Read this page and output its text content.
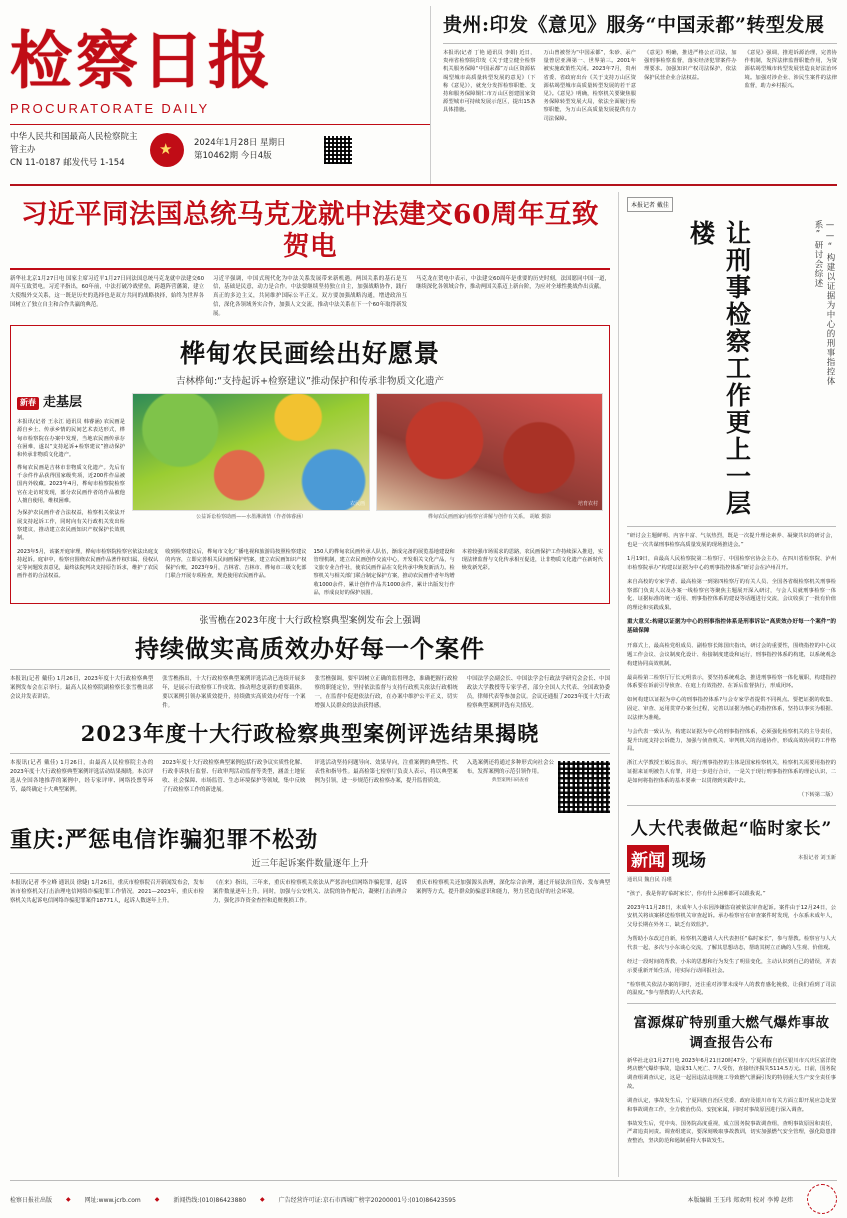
检察日报
PROCURATORATE DAILY
中华人民共和国最高人民检察院主管主办
CN 11-0187 邮发代号 1-154
★
2024年1月28日 星期日
第10462期 今日4版
贵州:印发《意见》服务“中国汞都”转型发展
本报讯(记者 丁艳 通讯员 李娟) 近日，贵州省检察院印发《关于建立健全检察机关服务保障“中国汞都”万山区资源枯竭型城市高质量转型发展的意见》（下称《意见》），就充分发挥检察职能、支持和服务保障铜仁市万山区创建国家资源型城市可持续发展示范区，提出15条具体措施。
万山曾被誉为“中国汞都”，朱砂、汞产量曾居亚洲第一、世界第三。2001年被实施政策性关闭。2023年7月，贵州省委、省政府出台《关于支持万山区资源枯竭型城市高质量转型发展的若干意见》。《意见》明确，检察机关要聚焦服务保障转型发展大局，依法全面履行检察职能，为万山区高质量发展提供有力司法保障。
《意见》明确，推进严格公正司法，加强刑事检察监督，落实经济犯罪案件办理要求。加强知识产权司法保护，依法保护民营企业合法权益。
《意见》强调，推进诉源治理，完善协作机制，发挥法律监督职能作用，为资源枯竭型城市转型发展营造良好法治环境。加强对涉企业、涉民生案件的法律监督，助力乡村振兴。
习近平同法国总统马克龙就中法建交60周年互致贺电
新华社北京1月27日电 国家主席习近平1月27日同法国总统马克龙就中法建交60周年互致贺电。习近平指出，60年前，中法打破冷战壁垒，跨越阵营藩篱，建立大使级外交关系，这一既是历史的选择也是双方共同的战略抉择，始终为世界各国树立了独立自主和合作共赢的典范。
习近平强调，中国式现代化为中法关系发展带来新机遇。两国关系的基石是互信，基础是民意，动力是合作。中法要继续坚持独立自主，加强战略协作，践行真正的多边主义，共同维护国际公平正义。双方要加强战略沟通，增进政治互信，深化各领域务实合作，加强人文交流，推动中法关系在下一个60年取得新发展。
马克龙在贺电中表示，中法建交60周年是重要的历史时刻，法国愿同中国一道，继续深化各领域合作，推动两国关系迈上新台阶，为应对全球性挑战作出贡献。
桦甸农民画绘出好愿景
吉林桦甸:“支持起诉+检察建议”推动保护和传承非物质文化遗产
新春 走基层

本报讯(记者 王永江 通讯员 韩睿涵) 农民画是源自乡土、传承乡情的民间艺术表达形式，桦甸市检察院在办案中发现，当地农民画传承存在困难，遂以“支持起诉+检察建议”推动保护和传承非物质文化遗产。

桦甸农民画是吉林市非物质文化遗产。先后有千余件作品获得国家级奖项，近200件作品被国内外收藏。2023年4月，桦甸市检察院检察官在走访时发现，部分农民画作者的作品被他人擅自使用，维权困难。

为保护农民画作者合法权益，检察机关依法开展支持起诉工作，同时向有关行政机关发出检察建议，推动建立农民画知识产权保护长效机制。

农民画	培育农村
公益诉讼检察助画——水墨淋漓情（作者韩睿涵）	桦甸农民画画家向检察官讲解与创作有关系。 胡敏 摄影
2023年5月，该案开庭审理，桦甸市检察院检察官依法出庭支持起诉。庭审中，检察官围绕农民画作品著作权归属、侵权认定等问题发表意见，最终法院判决支持原告诉求，维护了农民画作者的合法权益。
收到检察建议后，桦甸市文化广播电视和旅游局按照检察建议的内容，立即完善相关民间画保护档案，建立农民画知识产权保护台账，2023年9月，吉林省、吉林市、桦甸市三级文化部门联合开展专项检查，规范使用农民画作品。
150人的桦甸农民画传承人队伍，渐成完备的展览基地建设和管理机制，建立农民画创作交流中心，开发相关文化产品，与文旅专业合作社，使农民画作品在文化传承中焕发新活力。检察机关与相关部门联合制定保护方案，推动农民画作者年均增收1000余件，累计创作作品共1000余件，累计出版发行作品，形成良好的保护氛围。
本着较强市场需求的思路，农民画保护工作持续深入推进，实现法律监督与文化传承相互促进，让非物质文化遗产在新时代焕发新光彩。
张雪樵在2023年度十大行政检察典型案例发布会上强调
持续做实高质效办好每一个案件
本报讯(记者 戴佳) 1月26日，2023年度十大行政检察典型案例发布会在京举行。最高人民检察院副检察长张雪樵出席会议并发表讲话。
张雪樵指出，十大行政检察典型案例评选活动已连续开展多年，是展示行政检察工作成效、推动理念更新的重要载体。要以案例引领办案质效提升，持续做实高质效办好每一个案件。
张雪樵强调，要牢固树立正确的监督理念，准确把握行政检察的职能定位，坚持依法监督与支持行政机关依法行政相统一，在监督中促进依法行政，在办案中维护公平正义，切实增强人民群众的法治获得感。
中国法学会副会长、中国法学会行政法学研究会会长、中国政法大学教授等专家学者，部分全国人大代表、全国政协委员，律师代表等参加会议。会议还通报了2023年度十大行政检察典型案例评选有关情况。
2023年度十大行政检察典型案例评选结果揭晓
本报讯(记者 戴佳) 1月26日，由最高人民检察院主办的2023年度十大行政检察典型案例评选活动结果揭晓。本次评选从全国各地推荐的案例中，经专家评审、网络投票等环节，最终确定十大典型案例。
2023年度十大行政检察典型案例包括行政争议实质性化解、行政非诉执行监督、行政审判活动监督等类型，涵盖土地征收、社会保障、市场监管、生态环境保护等领域，集中反映了行政检察工作的新进展。
评选活动坚持问题导向、效果导向，注重案例的典型性、代表性和指导性。最高检第七检察厅负责人表示，将以典型案例为引领，进一步规范行政检察办案，提升监督质效。
入选案例还将通过多种形式向社会公布，发挥案例的示范引领作用。
典型案例扫码查看
重庆:严惩电信诈骗犯罪不松劲
近三年起诉案件数量逐年上升
本报讯(记者 李立峰 通讯员 徐婕) 1月26日，重庆市检察院召开新闻发布会，发布该市检察机关打击治理电信网络诈骗犯罪工作情况。2021—2023年，重庆市检察机关共起诉电信网络诈骗犯罪案件18771人，起诉人数逐年上升。
《在来》指出，三年来，重庆市检察机关依法从严惩治电信网络诈骗犯罪，起诉案件数量逐年上升。同时，加强与公安机关、法院的协作配合，凝聚打击治理合力，强化涉诈资金查控和追赃挽损工作。
重庆市检察机关还加强源头治理，深化综合治理，通过开展法治宣传、发布典型案例等方式，提升群众防骗意识和能力，努力营造良好的社会环境。
本报记者 戴佳
让刑事检察工作更上一层楼	——“构建以证据为中心的刑事指控体系”研讨会综述

“研讨会主题鲜明、内容丰富、气氛热烈，既是一次提升理论素养、凝聚共识的研讨会，也是一次共谋刑事检察高质量发展的现场推进会。”

1月19日，由最高人民检察院第二检察厅、中国检察官协会主办，在四川省检察院、泸州市检察院承办“构建以证据为中心的刑事指控体系”研讨会在泸州召开。

来自高校的专家学者、最高检第一到第四检察厅的有关人员、全国各省级检察机关刑事检察部门负责人以及办案一线检察官等聚焦主题展开深入研讨，与会人员就刑事检察一体化、证据标准的统一适用、刑事指控体系的建设等话题进行交流，会议收获了一批有价值的理论和实践成果。

重大意义:构建以证据为中心的刑事指控体系是刑事诉讼“高质效办好每一个案件”的基础保障

开幕式上，最高检党组成员、副检察长陈国庆指出，研讨会的重要性，围绕指控的中心议题工作会议、会议制度化设计、衔接制度建设和运行，刑事指控体系的构建，以系统观念构建协同高效机制。

最高检第二检察厅厅长元明表示，要坚持系统观念，推进刑事检察一体化履职，构建指控体系要在诉前引导侦查、在庭上有效指控、在诉后监督执行，形成闭环。

如何构建以证据为中心的刑事指控体系?与会专家学者提供不同视点。要把证据的收集、固定、审查、运用贯穿办案全过程，完善以证据为核心的指控体系，坚持以事实为根据、以法律为准绳。

与会代表一致认为，构建以证据为中心的刑事指控体系，必须强化检察机关的主导责任，提升出庭支持公诉能力，加强与侦查机关、审判机关的沟通协作，形成高效协同的工作格局。

浙江大学教授王敏远表示，现行刑事指控的主体是国家检察机关，检察机关需要用指控的证据来证明被告人有罪，并进一步进行合计，一是关于现行刑事指控体系的理论认识，二是如何将指控体系的基本要素一以贯彻到实践中去。

（下转第二版）

人大代表做起“临时家长”
新闻 现场	本报记者 刘玉新
通讯员 魏自民 冯瑾

“孩子，我是你的‘临时家长’，你有什么困难都可以跟我说。”

2023年11月28日，未成年人小东因涉嫌盗窃被依法审查起诉。案件由于12月24日，公安机关将该案移送检察机关审查起诉。承办检察官在审查案件时发现，小东系未成年人，父母长期在外务工，缺乏有效监护。

为帮助小东改过自新，检察机关邀请人大代表担任“临时家长”，参与帮教。检察官与人大代表一起，多次与小东谈心交流，了解其思想动态，帮助其树立正确的人生观、价值观。

经过一段时间的帮教，小东的思想和行为发生了明显变化，主动认识到自己的错误，并表示要重新开始生活，用实际行动回报社会。

“检察机关依法办案的同时，还注重对涉罪未成年人的教育感化挽救，让我们看到了司法的温度。”参与帮教的人大代表说。

富源煤矿特别重大燃气爆炸事故调查报告公布

新华社北京1月27日电 2023年6月21日20时47分，宁夏回族自治区银川市兴庆区富洋烧烤店燃气爆炸事故，造成31人死亡、7人受伤，直接经济损失5114.5万元。日前，国务院调查组调查认定，这是一起因违法违规施工导致燃气泄漏引发的特别重大生产安全责任事故。

调查认定，事故发生后，宁夏回族自治区党委、政府及银川市有关方面立即开展应急处置和事故调查工作，全力救治伤员、安抚家属，同时对事故原因进行深入调查。

事故发生后，党中央、国务院高度重视，成立国务院事故调查组，查明事故原因和责任，严肃追责问责。调查组建议，要深刻吸取事故教训，切实加强燃气安全管理，强化隐患排查整治，坚决防范和遏制重特大事故发生。

检察日报社出版 ◆ 网址:www.jcrb.com ◆ 新闻热线:(010)86423880 ◆ 广告经营许可证:京石市西城广榜字20200001号:(010)86423595	本版编辑 王玉玮 郑欢明 校对 李博 赵炜
